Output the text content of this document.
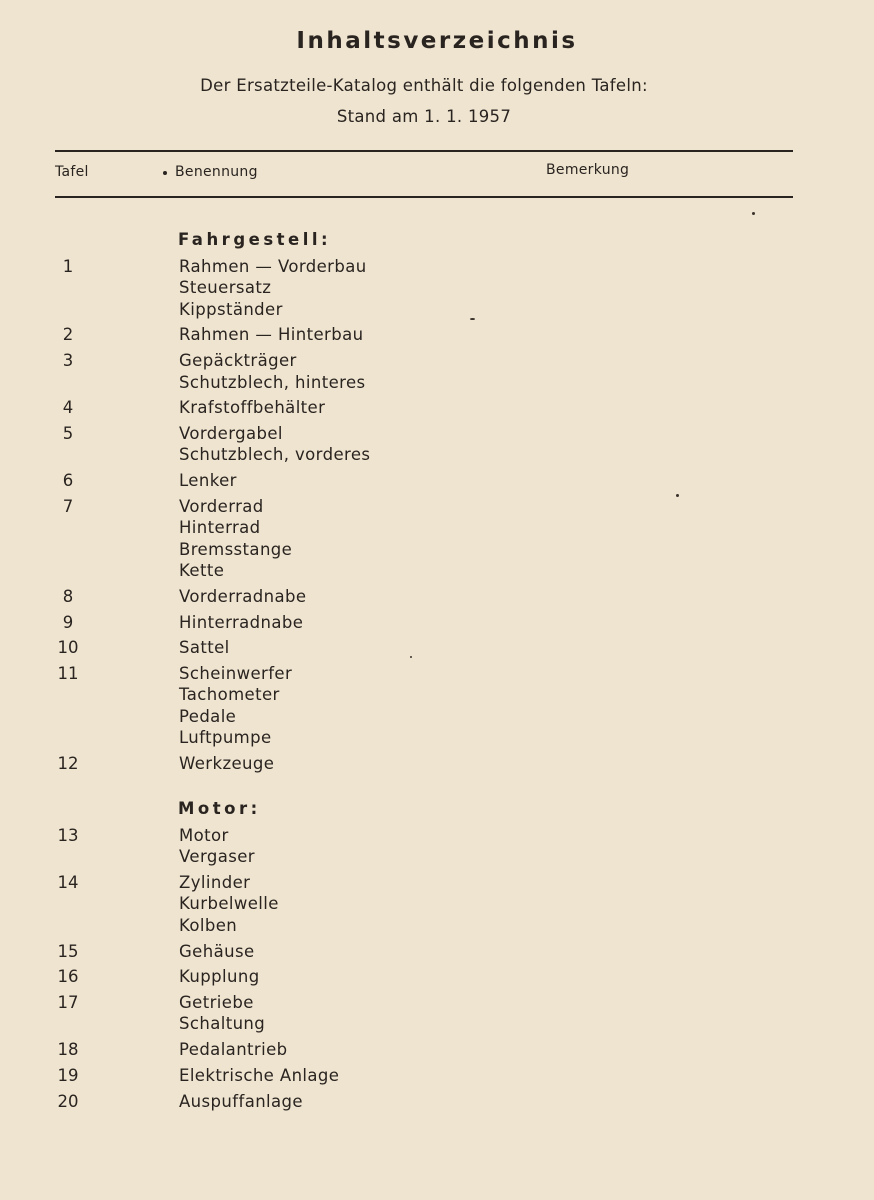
Inhaltsverzeichnis
Der Ersatzteile-Katalog enthält die folgenden Tafeln:
Stand am 1. 1. 1957
Tafel	Benennung	Bemerkung
Fahrgestell:
1	Rahmen — Vorderbau
Steuersatz
Kippständer
2	Rahmen — Hinterbau
3	Gepäckträger
Schutzblech, hinteres
4	Krafstoffbehälter
5	Vordergabel
Schutzblech, vorderes
6	Lenker
7	Vorderrad
Hinterrad
Bremsstange
Kette
8	Vorderradnabe
9	Hinterradnabe
10	Sattel
11	Scheinwerfer
Tachometer
Pedale
Luftpumpe
12	Werkzeuge
Motor:
13	Motor
Vergaser
14	Zylinder
Kurbelwelle
Kolben
15	Gehäuse
16	Kupplung
17	Getriebe
Schaltung
18	Pedalantrieb
19	Elektrische Anlage
20	Auspuffanlage
